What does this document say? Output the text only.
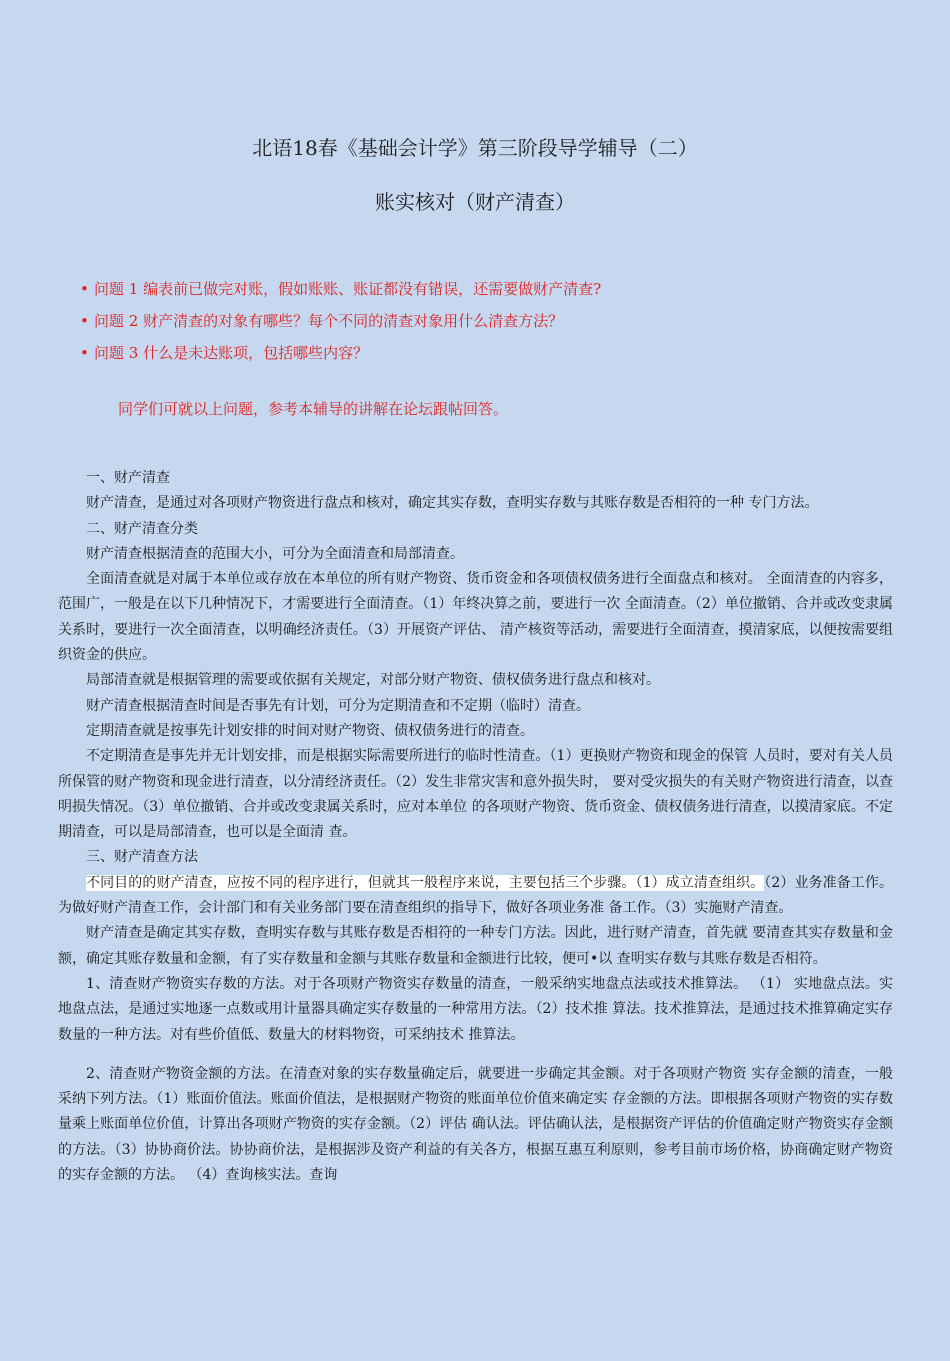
北语18春《基础会计学》第三阶段导学辅导（二）
账实核对（财产清查）
• 问题 1 编表前已做完对账，假如账账、账证都没有错误，还需要做财产清查?
• 问题 2 财产清查的对象有哪些？每个不同的清查对象用什么清查方法？
• 问题 3 什么是未达账项，包括哪些内容？
同学们可就以上问题，参考本辅导的讲解在论坛跟帖回答。

一、财产清查

财产清查，是通过对各项财产物资进行盘点和核对，确定其实存数，查明实存数与其账存数是否相符的一种 专门方法。

二、财产清查分类

财产清查根据清查的范围大小，可分为全面清查和局部清查。

全面清查就是对属于本单位或存放在本单位的所有财产物资、货币资金和各项债权债务进行全面盘点和核对。 全面清查的内容多，范围广，一般是在以下几种情况下，才需要进行全面清查。（1）年终决算之前，要进行一次 全面清查。（2）单位撤销、合并或改变隶属关系时，要进行一次全面清查，以明确经济责任。（3）开展资产评估、 清产核资等活动，需要进行全面清查，摸清家底，以便按需要组织资金的供应。

局部清查就是根据管理的需要或依据有关规定，对部分财产物资、债权债务进行盘点和核对。

财产清查根据清查时间是否事先有计划，可分为定期清查和不定期（临时）清查。

定期清查就是按事先计划安排的时间对财产物资、债权债务进行的清查。

不定期清查是事先并无计划安排，而是根据实际需要所进行的临时性清查。（1）更换财产物资和现金的保管 人员时，要对有关人员所保管的财产物资和现金进行清查，以分清经济责任。（2）发生非常灾害和意外损失时， 要对受灾损失的有关财产物资进行清查，以查明损失情况。（3）单位撤销、合并或改变隶属关系时，应对本单位 的各项财产物资、货币资金、债权债务进行清查，以摸清家底。不定期清查，可以是局部清查，也可以是全面清 查。

三、财产清查方法

不同目的的财产清查，应按不同的程序进行，但就其一般程序来说，主要包括三个步骤。（1）成立清查组织。（2）业务准备工作。为做好财产清查工作，会计部门和有关业务部门要在清查组织的指导下，做好各项业务准 备工作。（3）实施财产清查。

财产清查是确定其实存数，查明实存数与其账存数是否相符的一种专门方法。因此，进行财产清查，首先就 要清查其实存数量和金额，确定其账存数量和金额，有了实存数量和金额与其账存数量和金额进行比较，便可•以 查明实存数与其账存数是否相符。

1、清查财产物资实存数的方法。对于各项财产物资实存数量的清查，一般采纳实地盘点法或技术推算法。 （1） 实地盘点法。实地盘点法，是通过实地逐一点数或用计量器具确定实存数量的一种常用方法。（2）技术推 算法。技术推算法，是通过技术推算确定实存数量的一种方法。对有些价值低、数量大的材料物资，可采纳技术 推算法。

2、清查财产物资金额的方法。在清查对象的实存数量确定后，就要进一步确定其金额。对于各项财产物资 实存金额的清查，一般采纳下列方法。（1）账面价值法。账面价值法，是根据财产物资的账面单位价值来确定实 存金额的方法。即根据各项财产物资的实存数量乘上账面单位价值，计算出各项财产物资的实存金额。（2）评估 确认法。评估确认法，是根据资产评估的价值确定财产物资实存金额的方法。（3）协协商价法。协协商价法，是根据涉及资产利益的有关各方，根据互惠互利原则，参考目前市场价格，协商确定财产物资的实存金额的方法。 （4）查询核实法。查询
